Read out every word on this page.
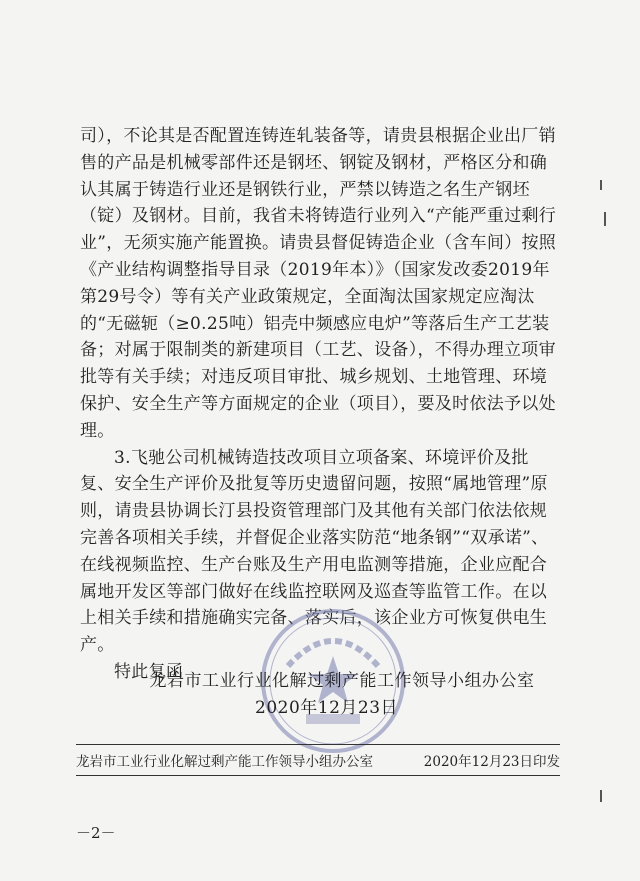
司），不论其是否配置连铸连轧装备等，请贵县根据企业出厂销售的产品是机械零部件还是钢坯、钢锭及钢材，严格区分和确认其属于铸造行业还是钢铁行业，严禁以铸造之名生产钢坯（锭）及钢材。目前，我省未将铸造行业列入“产能严重过剩行业”，无须实施产能置换。请贵县督促铸造企业（含车间）按照《产业结构调整指导目录（2019年本）》（国家发改委2019年第29号令）等有关产业政策规定，全面淘汰国家规定应淘汰的“无磁轭（≥0.25吨）铝壳中频感应电炉”等落后生产工艺装备；对属于限制类的新建项目（工艺、设备），不得办理立项审批等有关手续；对违反项目审批、城乡规划、土地管理、环境保护、安全生产等方面规定的企业（项目），要及时依法予以处理。

3.飞驰公司机械铸造技改项目立项备案、环境评价及批复、安全生产评价及批复等历史遗留问题，按照“属地管理”原则，请贵县协调长汀县投资管理部门及其他有关部门依法依规完善各项相关手续，并督促企业落实防范“地条钢”“双承诺”、在线视频监控、生产台账及生产用电监测等措施，企业应配合属地开发区等部门做好在线监控联网及巡查等监管工作。在以上相关手续和措施确实完备、落实后，该企业方可恢复供电生产。

特此复函

龙岩市工业行业化解过剩产能工作领导小组办公室
2020年12月23日
龙岩市工业行业化解过剩产能工作领导小组办公室	2020年12月23日印发
－2－
